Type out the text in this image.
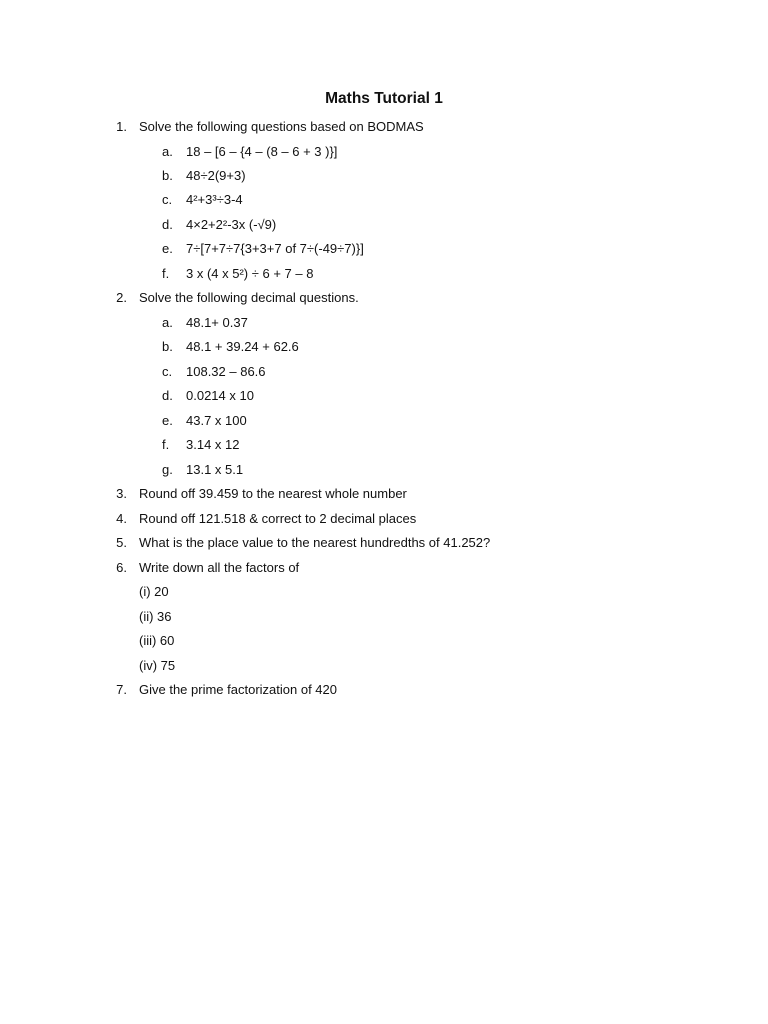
Maths Tutorial 1
1. Solve the following questions based on BODMAS
a. 18 – [6 – {4 – (8 – 6 + 3 )}]
b. 48÷2(9+3)
c. 4²+3³÷3-4
d. 4×2+2²-3x (-√9)
e. 7÷[7+7÷7{3+3+7 of 7÷(-49÷7)}]
f. 3 x (4 x 5²) ÷ 6 + 7 – 8
2. Solve the following decimal questions.
a. 48.1+ 0.37
b. 48.1 + 39.24 + 62.6
c. 108.32 – 86.6
d. 0.0214 x 10
e. 43.7 x 100
f. 3.14 x 12
g. 13.1 x 5.1
3. Round off 39.459 to the nearest whole number
4. Round off 121.518 & correct to 2 decimal places
5. What is the place value to the nearest hundredths of 41.252?
6. Write down all the factors of
(i) 20
(ii) 36
(iii) 60
(iv) 75
7. Give the prime factorization of 420
